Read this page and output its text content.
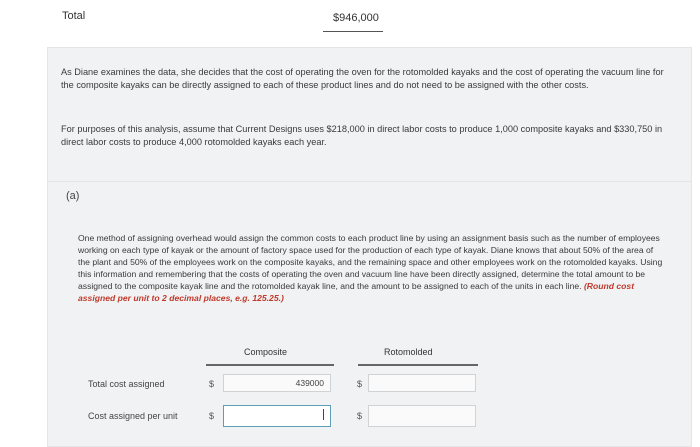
Total	$946,000
As Diane examines the data, she decides that the cost of operating the oven for the rotomolded kayaks and the cost of operating the vacuum line for the composite kayaks can be directly assigned to each of these product lines and do not need to be assigned with the other costs.
For purposes of this analysis, assume that Current Designs uses $218,000 in direct labor costs to produce 1,000 composite kayaks and $330,750 in direct labor costs to produce 4,000 rotomolded kayaks each year.
(a)
One method of assigning overhead would assign the common costs to each product line by using an assignment basis such as the number of employees working on each type of kayak or the amount of factory space used for the production of each type of kayak. Diane knows that about 50% of the area of the plant and 50% of the employees work on the composite kayaks, and the remaining space and other employees work on the rotomolded kayaks. Using this information and remembering that the costs of operating the oven and vacuum line have been directly assigned, determine the total amount to be assigned to the composite kayak line and the rotomolded kayak line, and the amount to be assigned to each of the units in each line. (Round cost assigned per unit to 2 decimal places, e.g. 125.25.)
Composite	Rotomolded
Total cost assigned	$	439000	$
Cost assigned per unit	$	$
